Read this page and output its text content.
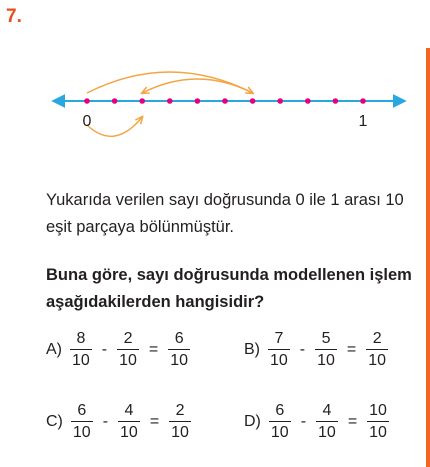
7.
0	1
Yukarıda verilen sayı doğrusunda 0 ile 1 arası 10 eşit parçaya bölünmüştür.
Buna göre, sayı doğrusunda modellenen işlem aşağıdakilerden hangisidir?
$A) \frac{8}{10} - \frac{2}{10} = \frac{6}{10}$	$B) \frac{7}{10} - \frac{5}{10} = \frac{2}{10}$
$C) \frac{6}{10} - \frac{4}{10} = \frac{2}{10}$	$D) \frac{6}{10} - \frac{4}{10} = \frac{10}{10}$
